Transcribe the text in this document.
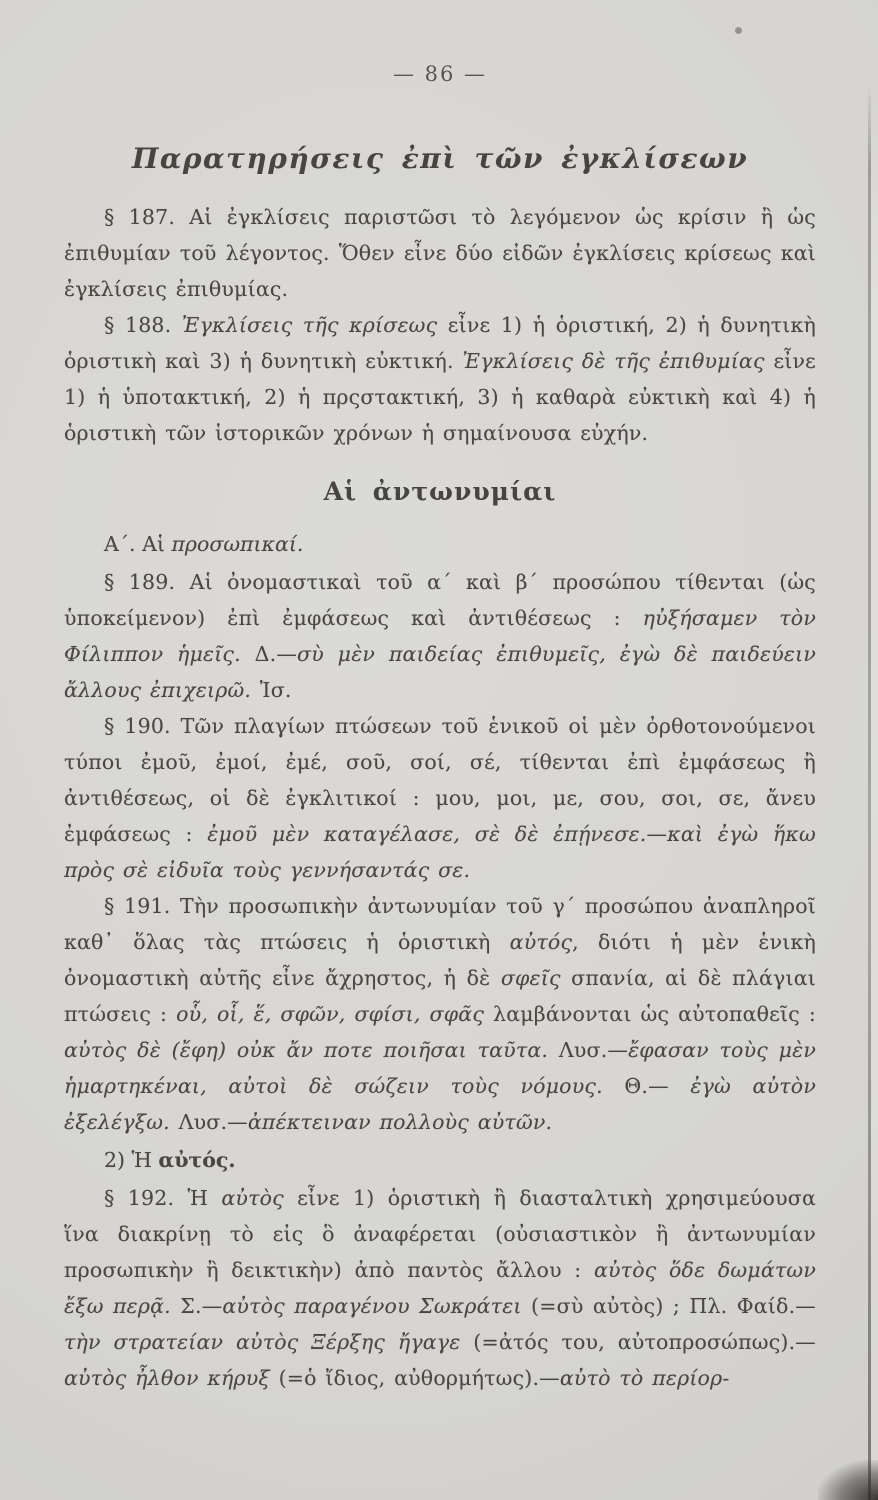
— 86 —
Παρατηρήσεις ἐπὶ τῶν ἐγκλίσεων

§ 187. Αἱ ἐγκλίσεις παριστῶσι τὸ λεγόμενον ὡς κρίσιν ἢ ὡς ἐπιθυμίαν τοῦ λέγοντος. Ὅθεν εἶνε δύο εἰδῶν ἐγκλίσεις κρίσεως καὶ ἐγκλίσεις ἐπιθυμίας.

§ 188. Ἐγκλίσεις τῆς κρίσεως εἶνε 1) ἡ ὁριστική, 2) ἡ δυνητικὴ ὁριστικὴ καὶ 3) ἡ δυνητικὴ εὐκτική. Ἐγκλίσεις δὲ τῆς ἐπιθυμίας εἶνε 1) ἡ ὑποτακτική, 2) ἡ πρςστακτική, 3) ἡ καθαρὰ εὐκτικὴ καὶ 4) ἡ ὁριστικὴ τῶν ἱστορικῶν χρόνων ἡ σημαίνουσα εὐχήν.

Αἱ ἀντωνυμίαι

Α΄. Αἱ προσωπικαί.

§ 189. Αἱ ὀνομαστικαὶ τοῦ α΄ καὶ β΄ προσώπου τίθενται (ὡς ὑποκείμενον) ἐπὶ ἐμφάσεως καὶ ἀντιθέσεως : ηὐξήσαμεν τὸν Φίλιππον ἡμεῖς. Δ.—σὺ μὲν παιδείας ἐπιθυμεῖς, ἐγὼ δὲ παιδεύειν ἄλλους ἐπιχειρῶ. Ἰσ.

§ 190. Τῶν πλαγίων πτώσεων τοῦ ἑνικοῦ οἱ μὲν ὀρθοτονούμενοι τύποι ἐμοῦ, ἐμοί, ἐμέ, σοῦ, σοί, σέ, τίθενται ἐπὶ ἐμφάσεως ἢ ἀντιθέσεως, οἱ δὲ ἐγκλιτικοί : μου, μοι, με, σου, σοι, σε, ἄνευ ἐμφάσεως : ἐμοῦ μὲν καταγέλασε, σὲ δὲ ἐπῄνεσε.—καὶ ἐγὼ ἥκω πρὸς σὲ εἰδυῖα τοὺς γεννήσαντάς σε.

§ 191. Τὴν προσωπικὴν ἀντωνυμίαν τοῦ γ΄ προσώπου ἀναπληροῖ καθ᾽ ὅλας τὰς πτώσεις ἡ ὁριστικὴ αὐτός, διότι ἡ μὲν ἑνικὴ ὀνομαστικὴ αὐτῆς εἶνε ἄχρηστος, ἡ δὲ σφεῖς σπανία, αἱ δὲ πλάγιαι πτώσεις : οὗ, οἷ, ἕ, σφῶν, σφίσι, σφᾶς λαμβάνονται ὡς αὐτοπαθεῖς : αὐτὸς δὲ (ἔφη) οὐκ ἄν ποτε ποιῆσαι ταῦτα. Λυσ.—ἔφασαν τοὺς μὲν ἡμαρτηκέναι, αὐτοὶ δὲ σώζειν τοὺς νόμους. Θ.— ἐγὼ αὐτὸν ἐξελέγξω. Λυσ.—ἀπέκτειναν πολλοὺς αὐτῶν.

2) Ἡ αὐτός.

§ 192. Ἡ αὐτὸς εἶνε 1) ὁριστικὴ ἢ διασταλτικὴ χρησιμεύουσα ἵνα διακρίνῃ τὸ εἰς ὃ ἀναφέρεται (οὐσιαστικὸν ἢ ἀντωνυμίαν προσωπικὴν ἢ δεικτικὴν) ἀπὸ παντὸς ἄλλου : αὐτὸς ὅδε δωμάτων ἔξω περᾷ. Σ.—αὐτὸς παραγένου Σωκράτει (=σὺ αὐτὸς) ; Πλ. Φαίδ.—τὴν στρατείαν αὐτὸς Ξέρξης ἤγαγε (=ἀτός του, αὐτοπροσώπως).—αὐτὸς ἦλθον κήρυξ (=ὁ ἴδιος, αὐθορμήτως).—αὐτὸ τὸ περίορ-
